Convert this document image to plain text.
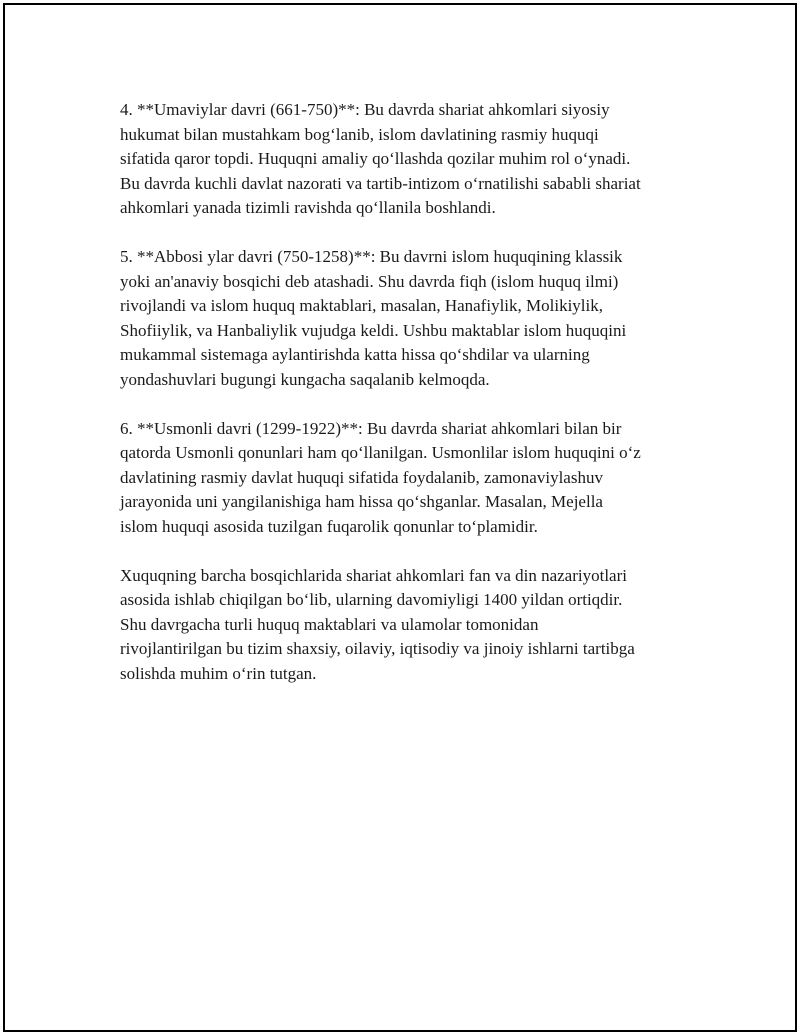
4. **Umaviylar davri (661-750)**: Bu davrda shariat ahkomlari siyosiy
hukumat bilan mustahkam bog‘lanib, islom davlatining rasmiy huquqi
sifatida qaror topdi. Huquqni amaliy qo‘llashda qozilar muhim rol o‘ynadi.
Bu davrda kuchli davlat nazorati va tartib-intizom o‘rnatilishi sababli shariat
ahkomlari yanada tizimli ravishda qo‘llanila boshlandi.

5. **Abbosi ylar davri (750-1258)**: Bu davrni islom huquqining klassik
yoki an'anaviy bosqichi deb atashadi. Shu davrda fiqh (islom huquq ilmi)
rivojlandi va islom huquq maktablari, masalan, Hanafiylik, Molikiylik,
Shofiiylik, va Hanbaliylik vujudga keldi. Ushbu maktablar islom huquqini
mukammal sistemaga aylantirishda katta hissa qo‘shdilar va ularning
yondashuvlari bugungi kungacha saqalanib kelmoqda.

6. **Usmonli davri (1299-1922)**: Bu davrda shariat ahkomlari bilan bir
qatorda Usmonli qonunlari ham qo‘llanilgan. Usmonlilar islom huquqini o‘z
davlatining rasmiy davlat huquqi sifatida foydalanib, zamonaviylashuv
jarayonida uni yangilanishiga ham hissa qo‘shganlar. Masalan, Mejella
islom huquqi asosida tuzilgan fuqarolik qonunlar to‘plamidir.

Xuquqning barcha bosqichlarida shariat ahkomlari fan va din nazariyotlari
asosida ishlab chiqilgan bo‘lib, ularning davomiyligi 1400 yildan ortiqdir.
Shu davrgacha turli huquq maktablari va ulamolar tomonidan
rivojlantirilgan bu tizim shaxsiy, oilaviy, iqtisodiy va jinoiy ishlarni tartibga
solishda muhim o‘rin tutgan.
